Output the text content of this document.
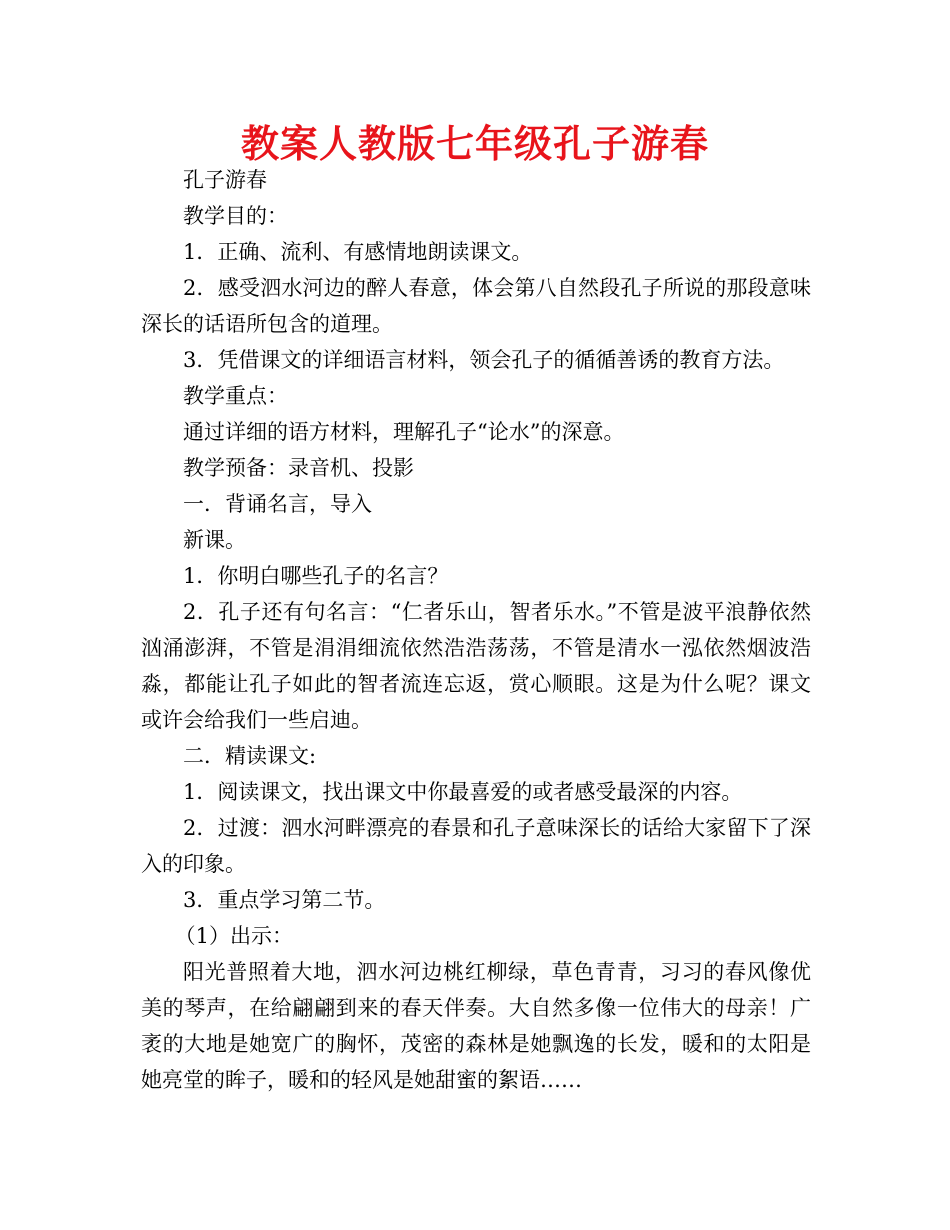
教案人教版七年级孔子游春

孔子游春

教学目的：

1．正确、流利、有感情地朗读课文。

2．感受泗水河边的醉人春意，体会第八自然段孔子所说的那段意味深长的话语所包含的道理。

3．凭借课文的详细语言材料，领会孔子的循循善诱的教育方法。

教学重点：

通过详细的语方材料，理解孔子“论水”的深意。

教学预备：录音机、投影

一．背诵名言，导入

新课。

1．你明白哪些孔子的名言？

2．孔子还有句名言：“仁者乐山，智者乐水。”不管是波平浪静依然汹涌澎湃，不管是涓涓细流依然浩浩荡荡，不管是清水一泓依然烟波浩淼，都能让孔子如此的智者流连忘返，赏心顺眼。这是为什么呢？课文或许会给我们一些启迪。

二．精读课文:

1．阅读课文，找出课文中你最喜爱的或者感受最深的内容。

2．过渡：泗水河畔漂亮的春景和孔子意味深长的话给大家留下了深入的印象。

3．重点学习第二节。

（1）出示：

阳光普照着大地，泗水河边桃红柳绿，草色青青，习习的春风像优美的琴声，在给翩翩到来的春天伴奏。大自然多像一位伟大的母亲！广袤的大地是她宽广的胸怀，茂密的森林是她飘逸的长发，暖和的太阳是她亮堂的眸子，暖和的轻风是她甜蜜的絮语……
